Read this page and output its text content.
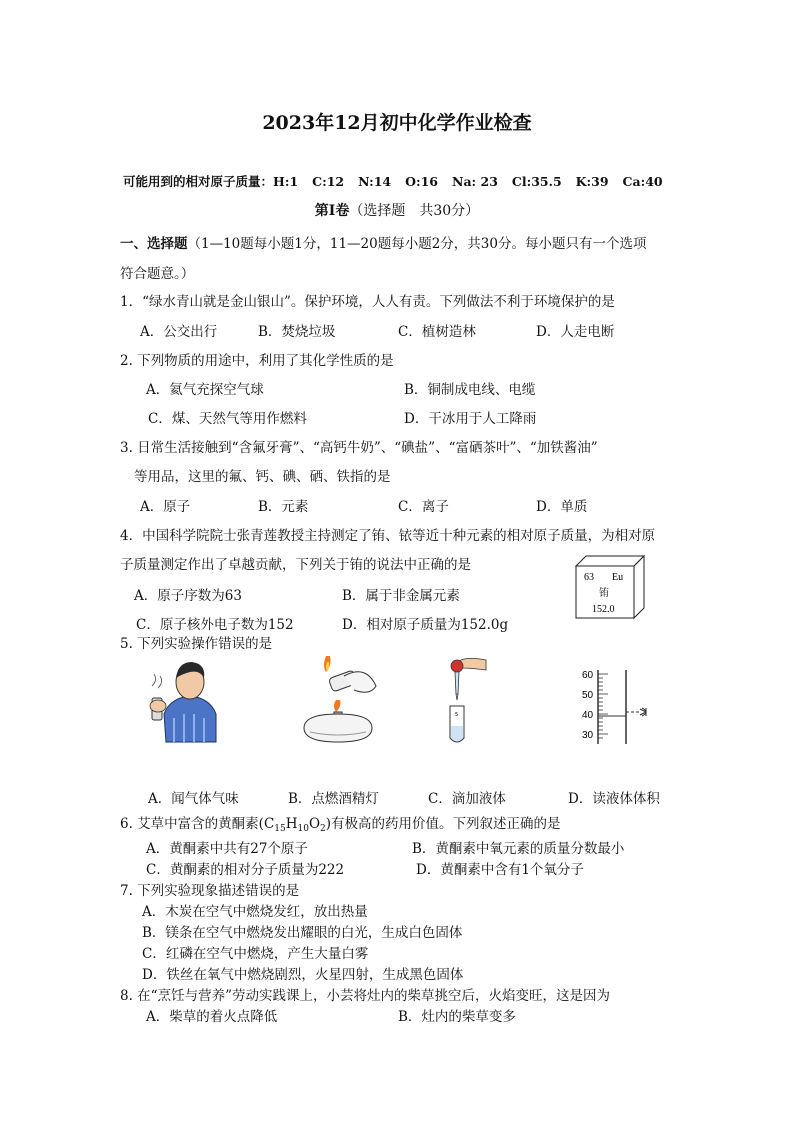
2023年12月初中化学作业检查
可能用到的相对原子质量：H:1 C:12 N:14 O:16 Na: 23 Cl:35.5 K:39 Ca:40
第Ⅰ卷（选择题　共30分）
一、选择题（1—10题每小题1分，11—20题每小题2分，共30分。每小题只有一个选项
符合题意。）
1．“绿水青山就是金山银山”。保护环境，人人有责。下列做法不利于环境保护的是
A．公交出行	B．焚烧垃圾	C．植树造林	D．人走电断
2. 下列物质的用途中，利用了其化学性质的是
A．氦气充探空气球	B．铜制成电线、电缆
C．煤、天然气等用作燃料	D．干冰用于人工降雨
3. 日常生活接触到“含氟牙膏”、“高钙牛奶”、“碘盐”、“富硒茶叶”、“加铁酱油”
等用品，这里的氟、钙、碘、硒、铁指的是
A．原子	B．元素	C．离子	D．单质
4．中国科学院院士张青莲教授主持测定了铕、铱等近十种元素的相对原子质量，为相对原
子质量测定作出了卓越贡献，下列关于铕的说法中正确的是
A．原子序数为63	B．属于非金属元素
C．原子核外电子数为152	D．相对原子质量为152.0g
63 Eu
铕
152.0
5. 下列实验操作错误的是
5
60
50
40
30
A．闻气体气味	B．点燃酒精灯	C．滴加液体	D．读液体体积
6. 艾草中富含的黄酮素$(C_{15}H_{10}O_2)$有极高的药用价值。下列叙述正确的是
A．黄酮素中共有27个原子	B．黄酮素中氧元素的质量分数最小
C．黄酮素的相对分子质量为222	D．黄酮素中含有1个氧分子
7. 下列实验现象描述错误的是
A．木炭在空气中燃烧发红，放出热量
B．镁条在空气中燃烧发出耀眼的白光，生成白色固体
C．红磷在空气中燃烧，产生大量白雾
D．铁丝在氧气中燃烧剧烈，火星四射，生成黑色固体
8. 在“烹饪与营养”劳动实践课上，小芸将灶内的柴草挑空后，火焰变旺，这是因为
A．柴草的着火点降低	B．灶内的柴草变多
